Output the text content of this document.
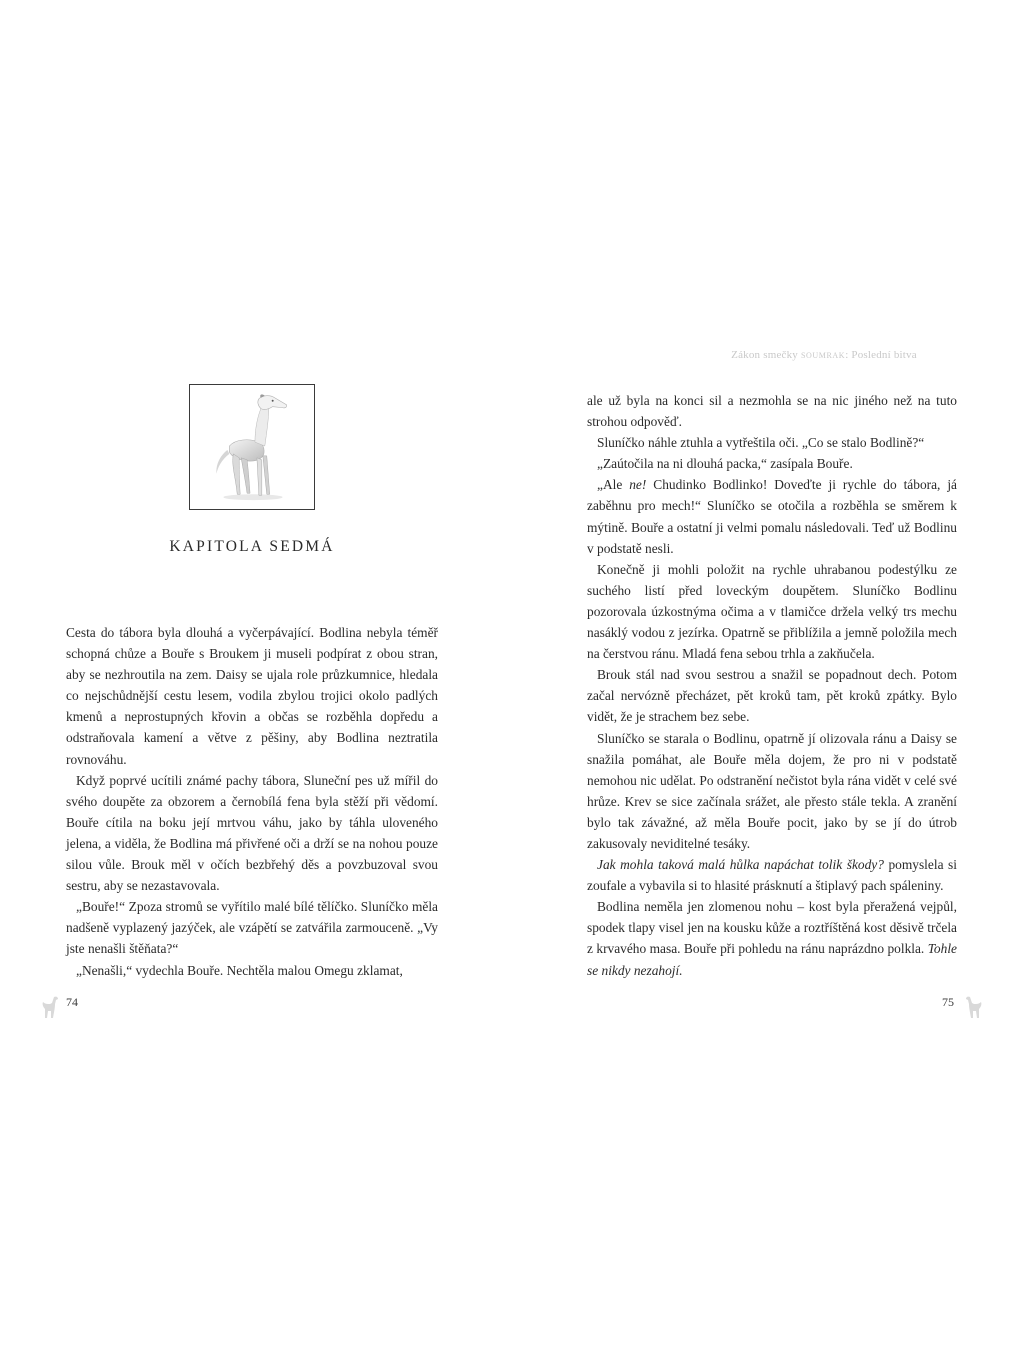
KAPITOLA SEDMÁ

Cesta do tábora byla dlouhá a vyčerpávající. Bodlina nebyla téměř schopná chůze a Bouře s Broukem ji museli podpírat z obou stran, aby se nezhroutila na zem. Daisy se ujala role průzkumnice, hledala co nejschůdnější cestu lesem, vodila zbylou trojici okolo padlých kmenů a neprostupných křovin a občas se rozběhla dopředu a odstraňovala kamení a větve z pěšiny, aby Bodlina neztratila rovnováhu.

Když poprvé ucítili známé pachy tábora, Sluneční pes už mířil do svého doupěte za obzorem a černobílá fena byla stěží při vědomí. Bouře cítila na boku její mrtvou váhu, jako by táhla uloveného jelena, a viděla, že Bodlina má přivřené oči a drží se na nohou pouze silou vůle. Brouk měl v očích bezbřehý děs a povzbuzoval svou sestru, aby se nezastavovala.

„Bouře!“ Zpoza stromů se vyřítilo malé bílé tělíčko. Sluníčko měla nadšeně vyplazený jazýček, ale vzápětí se zatvářila zarmouceně. „Vy jste nenašli štěňata?“

„Nenašli,“ vydechla Bouře. Nechtěla malou Omegu zklamat,

74
Zákon smečky soumrak: Poslední bitva

ale už byla na konci sil a nezmohla se na nic jiného než na tuto strohou odpověď.

Sluníčko náhle ztuhla a vytřeštila oči. „Co se stalo Bodlině?“

„Zaútočila na ni dlouhá packa,“ zasípala Bouře.

„Ale ne! Chudinko Bodlinko! Doveďte ji rychle do tábora, já zaběhnu pro mech!“ Sluníčko se otočila a rozběhla se směrem k mýtině. Bouře a ostatní ji velmi pomalu následovali. Teď už Bodlinu v podstatě nesli.

Konečně ji mohli položit na rychle uhrabanou podestýlku ze suchého listí před loveckým doupětem. Sluníčko Bodlinu pozorovala úzkostnýma očima a v tlamičce držela velký trs mechu nasáklý vodou z jezírka. Opatrně se přiblížila a jemně položila mech na čerstvou ránu. Mladá fena sebou trhla a zakňučela.

Brouk stál nad svou sestrou a snažil se popadnout dech. Potom začal nervózně přecházet, pět kroků tam, pět kroků zpátky. Bylo vidět, že je strachem bez sebe.

Sluníčko se starala o Bodlinu, opatrně jí olizovala ránu a Daisy se snažila pomáhat, ale Bouře měla dojem, že pro ni v podstatě nemohou nic udělat. Po odstranění nečistot byla rána vidět v celé své hrůze. Krev se sice začínala srážet, ale přesto stále tekla. A zranění bylo tak závažné, až měla Bouře pocit, jako by se jí do útrob zakusovaly neviditelné tesáky.

Jak mohla taková malá hůlka napáchat tolik škody? pomyslela si zoufale a vybavila si to hlasité prásknutí a štiplavý pach spáleniny.

Bodlina neměla jen zlomenou nohu – kost byla přeražená vejpůl, spodek tlapy visel jen na kousku kůže a roztříštěná kost děsivě trčela z krvavého masa. Bouře při pohledu na ránu naprázdno polkla. Tohle se nikdy nezahojí.

75
